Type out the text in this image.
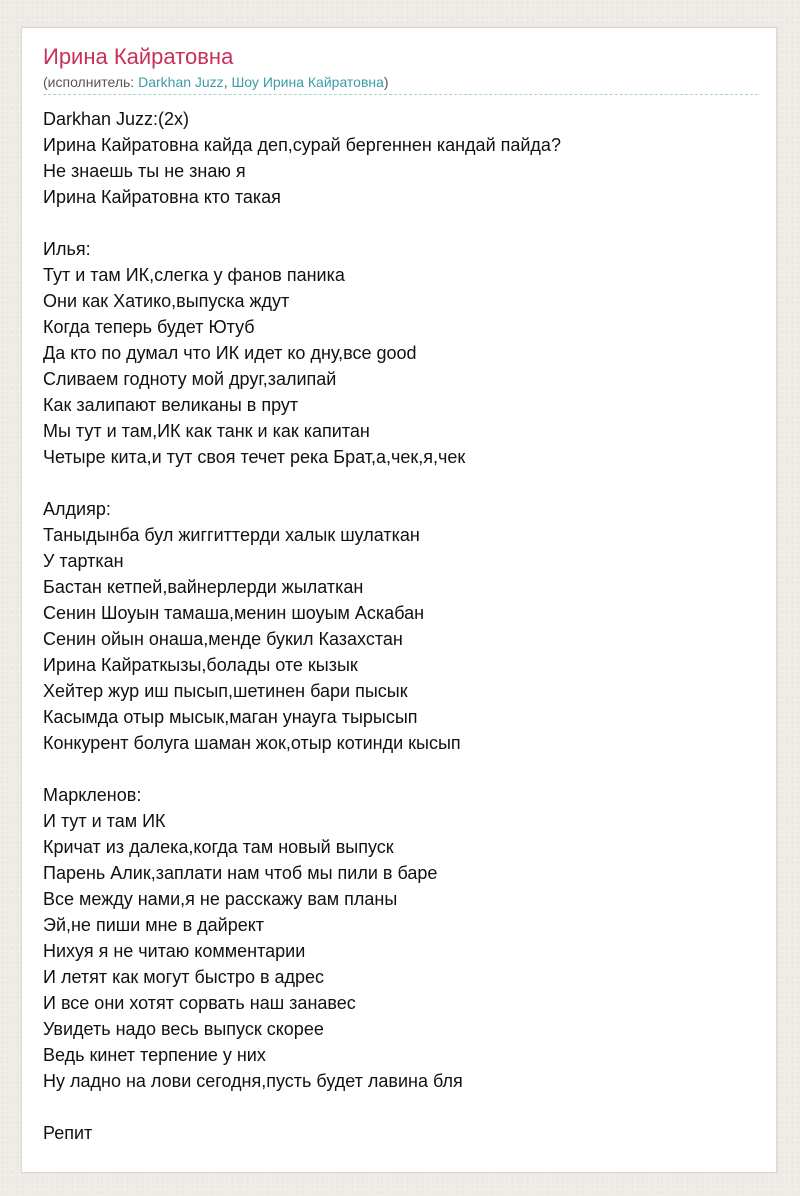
Ирина Кайратовна
(исполнитель: Darkhan Juzz, Шоу Ирина Кайратовна)
Darkhan Juzz:(2x)
Ирина Кайратовна кайда деп,сурай бергеннен кандай пайда?
Не знаешь ты не знаю я
Ирина Кайратовна кто такая
Илья:
Тут и там ИК,слегка у фанов паника
Они как Хатико,выпуска ждут
Когда теперь будет Ютуб
Да кто по думал что ИК идет ко дну,все good
Сливаем годноту мой друг,залипай
Как залипают великаны в прут
Мы тут и там,ИК как танк и как капитан
Четыре кита,и тут своя течет река Брат,а,чек,я,чек
Алдияр:
Таныдынба бул жиггиттерди халык шулаткан
У тарткан
Бастан кетпей,вайнерлерди жылаткан
Сенин Шоуын тамаша,менин шоуым Аскабан
Сенин ойын онаша,менде букил Казахстан
Ирина Кайраткызы,болады оте кызык
Хейтер жур иш пысып,шетинен бари пысык
Касымда отыр мысык,маган унауга тырысып
Конкурент болуга шаман жок,отыр котинди кысып
Маркленов:
И тут и там ИК
Кричат из далека,когда там новый выпуск
Парень Алик,заплати нам чтоб мы пили в баре
Все между нами,я не расскажу вам планы
Эй,не пиши мне в дайрект
Нихуя я не читаю комментарии
И летят как могут быстро в адрес
И все они хотят сорвать наш занавес
Увидеть надо весь выпуск скорее
Ведь кинет терпение у них
Ну ладно на лови сегодня,пусть будет лавина бля
Репит
